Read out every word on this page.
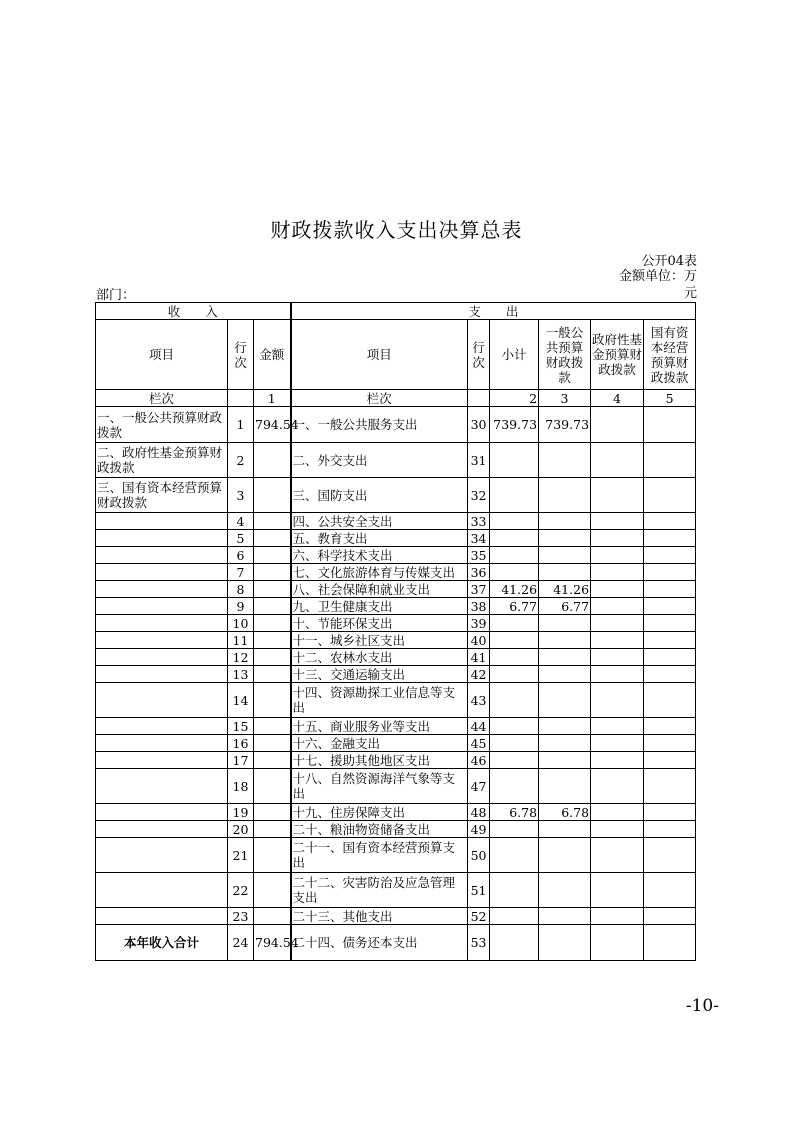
财政拨款收入支出决算总表
公开04表
金额单位：万元
部门：
收　　入			支　　出					
项目	行次	金额	项目	行次	小计	一般公共预算财政拨款	政府性基金预算财政拨款	国有资本经营预算财政拨款
栏次		1	栏次		2	3	4	5
一、一般公共预算财政拨款	1	794.54	一、一般公共服务支出	30	739.73	739.73		
二、政府性基金预算财政拨款	2		二、外交支出	31				
三、国有资本经营预算财政拨款	3		三、国防支出	32				
	4		四、公共安全支出	33				
	5		五、教育支出	34				
	6		六、科学技术支出	35				
	7		七、文化旅游体育与传媒支出	36				
	8		八、社会保障和就业支出	37	41.26	41.26		
	9		九、卫生健康支出	38	6.77	6.77		
	10		十、节能环保支出	39				
	11		十一、城乡社区支出	40				
	12		十二、农林水支出	41				
	13		十三、交通运输支出	42				
	14		十四、资源勘探工业信息等支出	43				
	15		十五、商业服务业等支出	44				
	16		十六、金融支出	45				
	17		十七、援助其他地区支出	46				
	18		十八、自然资源海洋气象等支出	47				
	19		十九、住房保障支出	48	6.78	6.78		
	20		二十、粮油物资储备支出	49				
	21		二十一、国有资本经营预算支出	50				
	22		二十二、灾害防治及应急管理支出	51				
	23		二十三、其他支出	52				
本年收入合计	24	794.54	二十四、债务还本支出	53				
-10-
